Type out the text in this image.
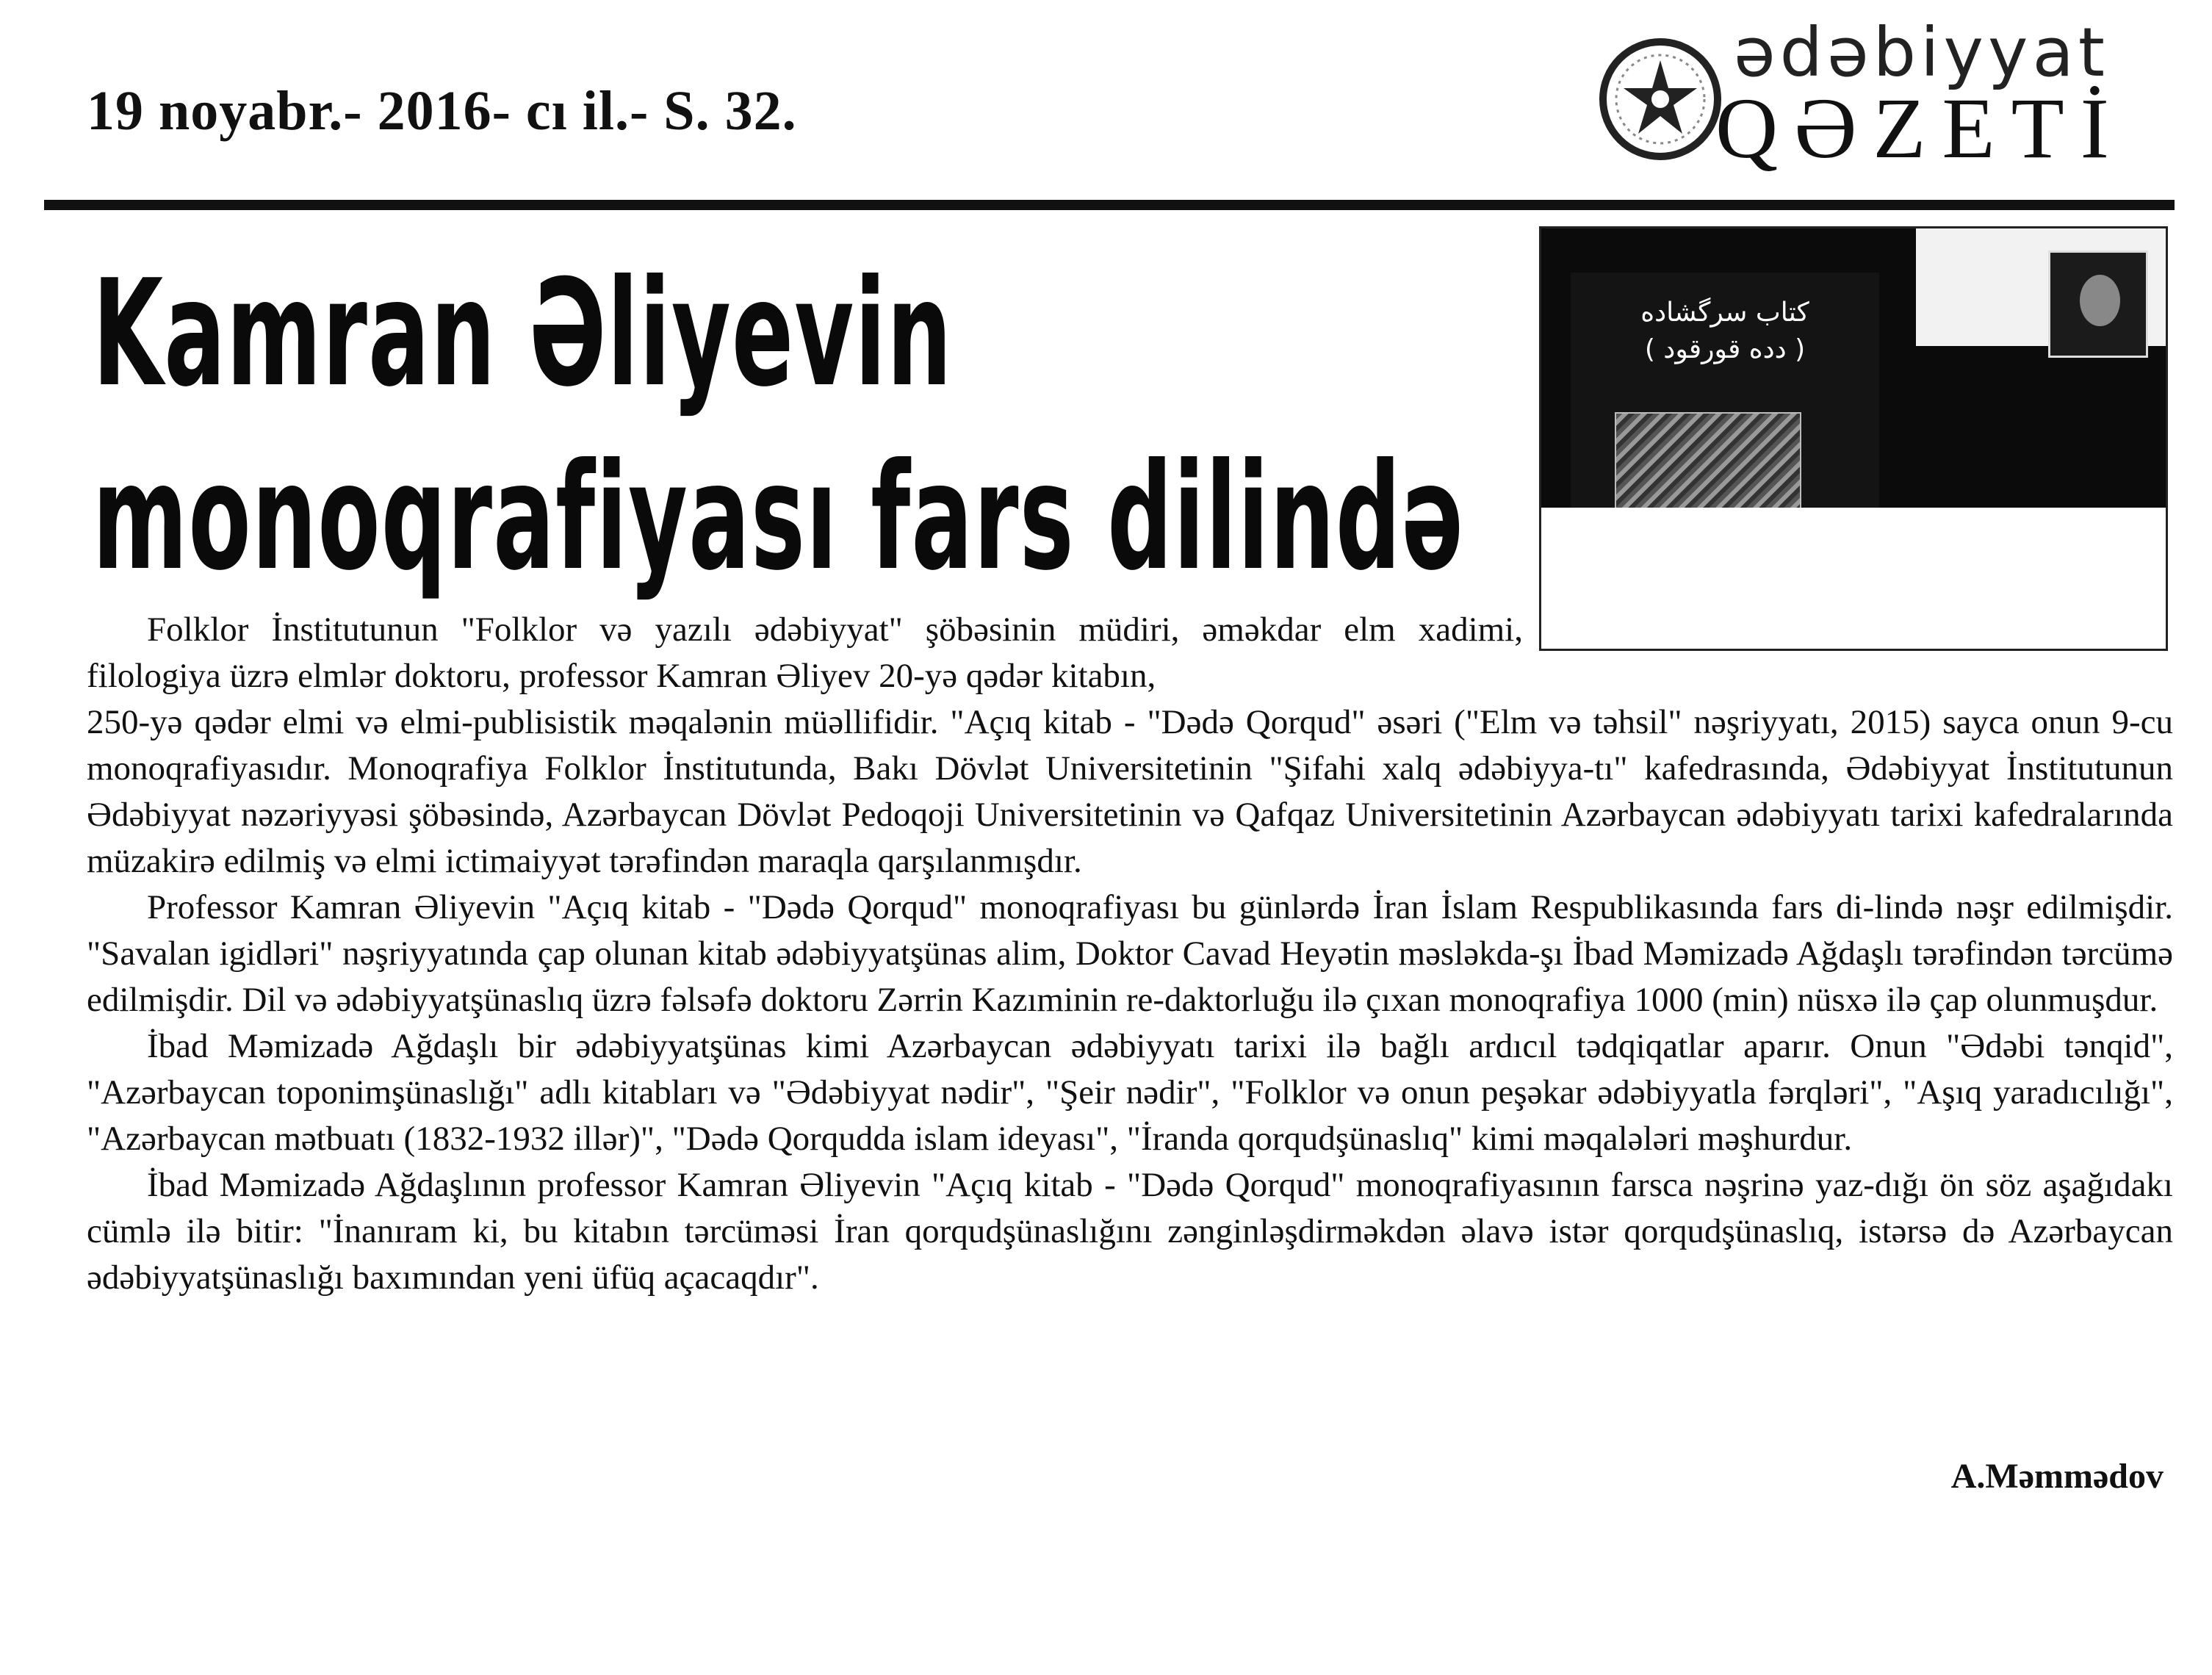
19 noyabr.- 2016- cı il.- S. 32.
ədəbiyyat
QƏZETİ
Kamran Əliyevin
monoqrafiyası fars dilində
کتاب سرگشاده
( دده قورقود )

Folklor İnstitutunun "Folklor və yazılı ədəbiyyat" şöbəsinin müdiri, əməkdar elm xadimi, filologiya üzrə elmlər doktoru, professor Kamran Əliyev 20-yə qədər kitabın,

250-yə qədər elmi və elmi-publisistik məqalənin müəllifidir. "Açıq kitab - "Dədə Qorqud" əsəri ("Elm və təhsil" nəşriyyatı, 2015) sayca onun 9-cu monoqrafiyasıdır. Monoqrafiya Folklor İnstitutunda, Bakı Dövlət Universitetinin "Şifahi xalq ədəbiyya-tı" kafedrasında, Ədəbiyyat İnstitutunun Ədəbiyyat nəzəriyyəsi şöbəsində, Azərbaycan Dövlət Pedoqoji Universitetinin və Qafqaz Universitetinin Azərbaycan ədəbiyyatı tarixi kafedralarında müzakirə edilmiş və elmi ictimaiyyət tərəfindən maraqla qarşılanmışdır.

Professor Kamran Əliyevin "Açıq kitab - "Dədə Qorqud" monoqrafiyası bu günlərdə İran İslam Respublikasında fars di-lində nəşr edilmişdir. "Savalan igidləri" nəşriyyatında çap olunan kitab ədəbiyyatşünas alim, Doktor Cavad Heyətin məsləkda-şı İbad Məmizadə Ağdaşlı tərəfindən tərcümə edilmişdir. Dil və ədəbiyyatşünaslıq üzrə fəlsəfə doktoru Zərrin Kazıminin re-daktorluğu ilə çıxan monoqrafiya 1000 (min) nüsxə ilə çap olunmuşdur.

İbad Məmizadə Ağdaşlı bir ədəbiyyatşünas kimi Azərbaycan ədəbiyyatı tarixi ilə bağlı ardıcıl tədqiqatlar aparır. Onun "Ədəbi tənqid", "Azərbaycan toponimşünaslığı" adlı kitabları və "Ədəbiyyat nədir", "Şeir nədir", "Folklor və onun peşəkar ədəbiyyatla fərqləri", "Aşıq yaradıcılığı", "Azərbaycan mətbuatı (1832-1932 illər)", "Dədə Qorqudda islam ideyası", "İranda qorqudşünaslıq" kimi məqalələri məşhurdur.

İbad Məmizadə Ağdaşlının professor Kamran Əliyevin "Açıq kitab - "Dədə Qorqud" monoqrafiyasının farsca nəşrinə yaz-dığı ön söz aşağıdakı cümlə ilə bitir: "İnanıram ki, bu kitabın tərcüməsi İran qorqudşünaslığını zənginləşdirməkdən əlavə istər qorqudşünaslıq, istərsə də Azərbaycan ədəbiyyatşünaslığı baxımından yeni üfüq açacaqdır".

A.Məmmədov
